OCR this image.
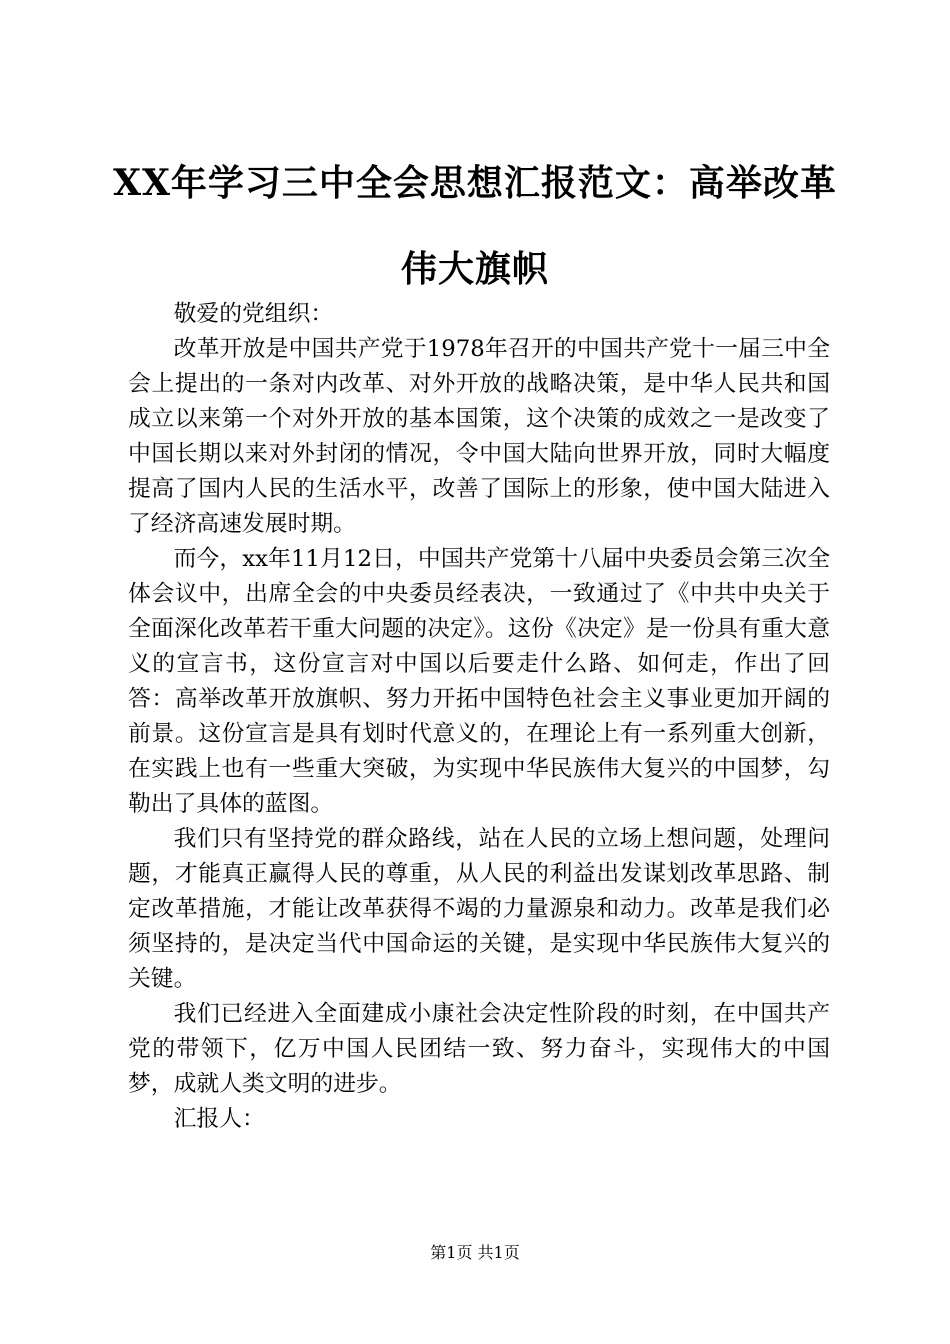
XX年学习三中全会思想汇报范文：高举改革
伟大旗帜

敬爱的党组织：

改革开放是中国共产党于1978年召开的中国共产党十一届三中全会上提出的一条对内改革、对外开放的战略决策，是中华人民共和国成立以来第一个对外开放的基本国策，这个决策的成效之一是改变了中国长期以来对外封闭的情况，令中国大陆向世界开放，同时大幅度提高了国内人民的生活水平，改善了国际上的形象，使中国大陆进入了经济高速发展时期。

而今，xx年11月12日，中国共产党第十八届中央委员会第三次全体会议中，出席全会的中央委员经表决，一致通过了《中共中央关于全面深化改革若干重大问题的决定》。这份《决定》是一份具有重大意义的宣言书，这份宣言对中国以后要走什么路、如何走，作出了回答：高举改革开放旗帜、努力开拓中国特色社会主义事业更加开阔的前景。这份宣言是具有划时代意义的，在理论上有一系列重大创新，在实践上也有一些重大突破，为实现中华民族伟大复兴的中国梦，勾勒出了具体的蓝图。

我们只有坚持党的群众路线，站在人民的立场上想问题，处理问题，才能真正赢得人民的尊重，从人民的利益出发谋划改革思路、制定改革措施，才能让改革获得不竭的力量源泉和动力。改革是我们必须坚持的，是决定当代中国命运的关键，是实现中华民族伟大复兴的关键。

我们已经进入全面建成小康社会决定性阶段的时刻，在中国共产党的带领下，亿万中国人民团结一致、努力奋斗，实现伟大的中国梦，成就人类文明的进步。

汇报人：

第1页 共1页
